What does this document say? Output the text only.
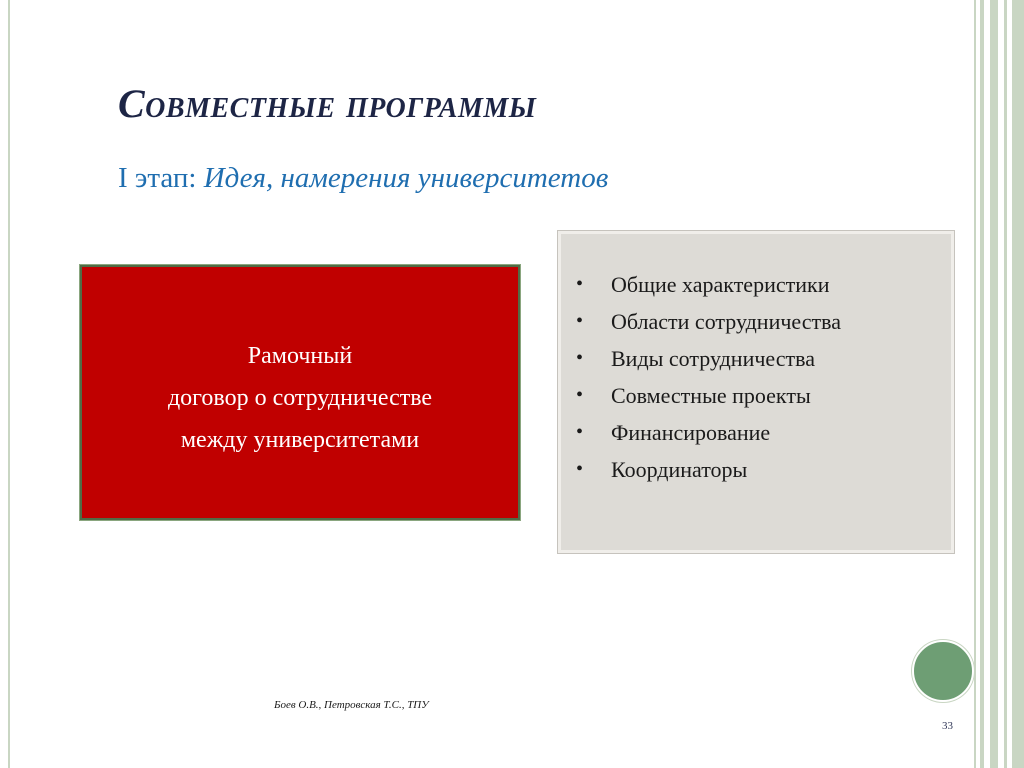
Совместные программы
I этап: Идея, намерения университетов
Рамочный
договор о сотрудничестве
между университетами
• Общие характеристики
• Области сотрудничества
• Виды сотрудничества
• Совместные проекты
• Финансирование
• Координаторы
Боев О.В., Петровская Т.С., ТПУ
33
